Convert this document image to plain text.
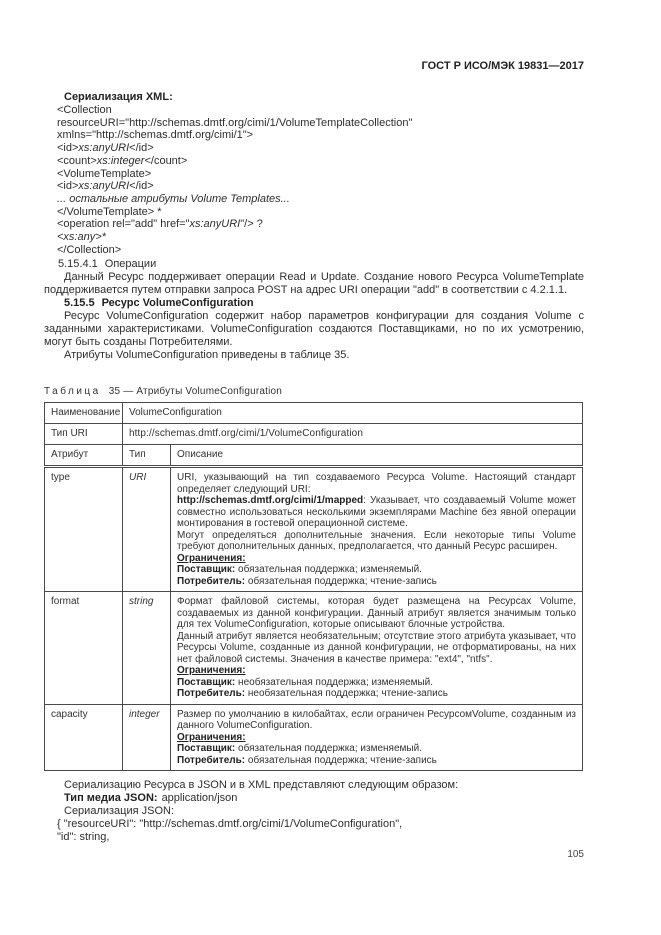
ГОСТ Р ИСО/МЭК 19831—2017
Сериализация XML:
<Collection
resourceURI="http://schemas.dmtf.org/cimi/1/VolumeTemplateCollection"
xmlns="http://schemas.dmtf.org/cimi/1">
<id>xs:anyURI</id>
<count>xs:integer</count>
<VolumeTemplate>
<id>xs:anyURI</id>
... остальные атрибуты Volume Templates...
</VolumeTemplate> *
<operation rel="add" href="xs:anyURI"/> ?
<xs:any>*
</Collection>
5.15.4.1 Операции

Данный Ресурс поддерживает операции Read и Update. Создание нового Ресурса VolumeTemplate поддерживается путем отправки запроса POST на адрес URI операции "add" в соответствии с 4.2.1.1.

5.15.5 Ресурс VolumeConfiguration

Ресурс VolumeConfiguration содержит набор параметров конфигурации для создания Volume с заданными характеристиками. VolumeConfiguration создаются Поставщиками, но по их усмотрению, могут быть созданы Потребителями.

Атрибуты VolumeConfiguration приведены в таблице 35.

Таблица 35 — Атрибуты VolumeConfiguration
Наименование	VolumeConfiguration	
Тип URI	http://schemas.dmtf.org/cimi/1/VolumeConfiguration	
Атрибут	Тип	Описание
type	URI	URI, указывающий на тип создаваемого Ресурса Volume. Настоящий стандарт определяет следующий URI:

http://schemas.dmtf.org/cimi/1/mapped: Указывает, что создаваемый Volume может совместно использоваться несколькими экземплярами Machine без явной операции монтирования в гостевой операционной системе.

Могут определяться дополнительные значения. Если некоторые типы Volume требуют дополнительных данных, предполагается, что данный Ресурс расширен.

Ограничения:

Поставщик: обязательная поддержка; изменяемый.

Потребитель: обязательная поддержка; чтение-запись

format	string	Формат файловой системы, которая будет размещена на Ресурсах Volume, создаваемых из данной конфигурации. Данный атрибут является значимым только для тех VolumeConfiguration, которые описывают блочные устройства.

Данный атрибут является необязательным; отсутствие этого атрибута указывает, что Ресурсы Volume, созданные из данной конфигурации, не отформатированы, на них нет файловой системы. Значения в качестве примера: "ext4", "ntfs".

Ограничения:

Поставщик: необязательная поддержка; изменяемый.

Потребитель: необязательная поддержка; чтение-запись

capacity	integer	Размер по умолчанию в килобайтах, если ограничен РесурсомVolume, созданным из данного VolumeConfiguration.

Ограничения:

Поставщик: обязательная поддержка; изменяемый.

Потребитель: обязательная поддержка; чтение-запись

Сериализацию Ресурса в JSON и в XML представляют следующим образом:

Тип медиа JSON: application/json

Сериализация JSON:

{ "resourceURI": "http://schemas.dmtf.org/cimi/1/VolumeConfiguration",
"id": string,
105
